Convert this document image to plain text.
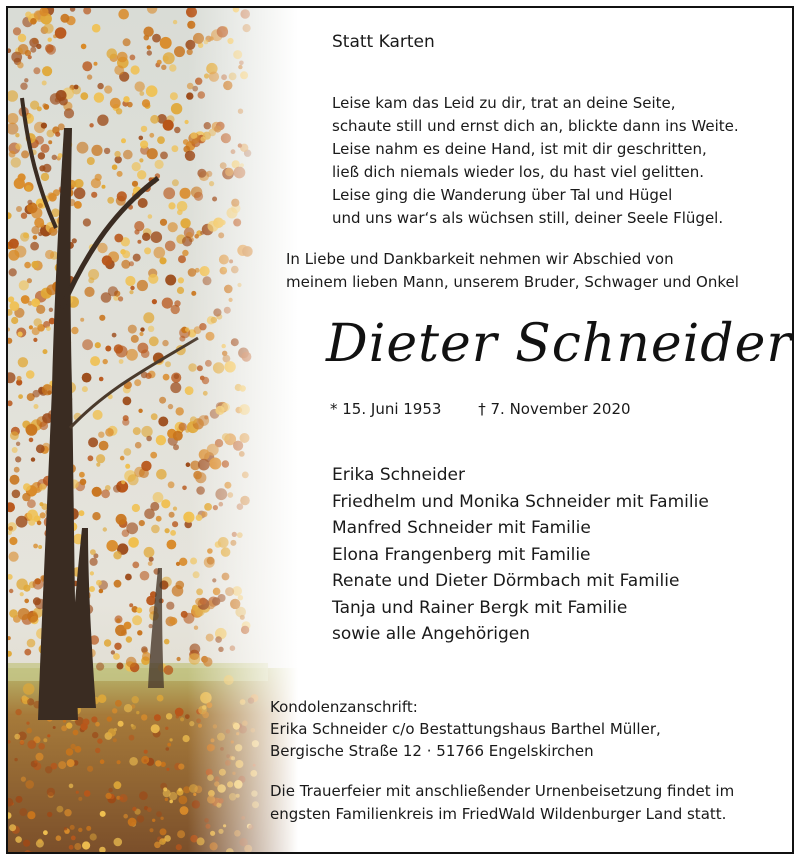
Statt Karten
Leise kam das Leid zu dir, trat an deine Seite,
schaute still und ernst dich an, blickte dann ins Weite.
Leise nahm es deine Hand, ist mit dir geschritten,
ließ dich niemals wieder los, du hast viel gelitten.
Leise ging die Wanderung über Tal und Hügel
und uns war‘s als wüchsen still, deiner Seele Flügel.
In Liebe und Dankbarkeit nehmen wir Abschied von
meinem lieben Mann, unserem Bruder, Schwager und Onkel
Dieter Schneider
* 15. Juni 1953 † 7. November 2020
Erika Schneider
Friedhelm und Monika Schneider mit Familie
Manfred Schneider mit Familie
Elona Frangenberg mit Familie
Renate und Dieter Dörmbach mit Familie
Tanja und Rainer Bergk mit Familie
sowie alle Angehörigen
Kondolenzanschrift:
Erika Schneider c/o Bestattungshaus Barthel Müller,
Bergische Straße 12 · 51766 Engelskirchen
Die Trauerfeier mit anschließender Urnenbeisetzung findet im
engsten Familienkreis im FriedWald Wildenburger Land statt.
